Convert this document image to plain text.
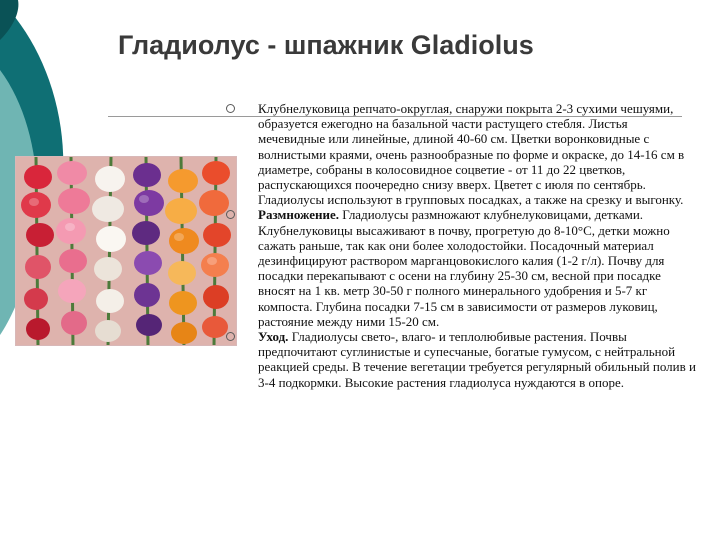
Гладиолус - шпажник Gladiolus
Клубнелуковица репчато-округлая, снаружи покрыта 2-3 сухими чешуями, образуется ежегодно на базальной части растущего стебля. Листья мечевидные или линейные, длиной 40-60 см. Цветки воронковидные с волнистыми краями, очень разнообразные по форме и окраске, до 14-16 см в диаметре, собраны в колосовидное соцветие - от 11 до 22 цветков, распускающихся поочередно снизу вверх. Цветет с июля по сентябрь. Гладиолусы используют в групповых посадках, а также на срезку и выгонку.
Размножение. Гладиолусы размножают клубнелуковицами, детками. Клубнелуковицы высаживают в почву, прогретую до 8-10°С, детки можно сажать раньше, так как они более холодостойки. Посадочный материал дезинфицируют раствором марганцовокислого калия (1-2 г/л). Почву для посадки перекапывают с осени на глубину 25-30 см, весной при посадке вносят на 1 кв. метр 30-50 г полного минерального удобрения и 5-7 кг компоста. Глубина посадки 7-15 см в зависимости от размеров луковиц, растояние между ними 15-20 см.
Уход. Гладиолусы свето-, влаго- и теплолюбивые растения. Почвы предпочитают суглинистые и супесчаные, богатые гумусом, с нейтральной реакцией среды. В течение вегетации требуется регулярный обильный полив и 3-4 подкормки. Высокие растения гладиолуса нуждаются в опоре.
